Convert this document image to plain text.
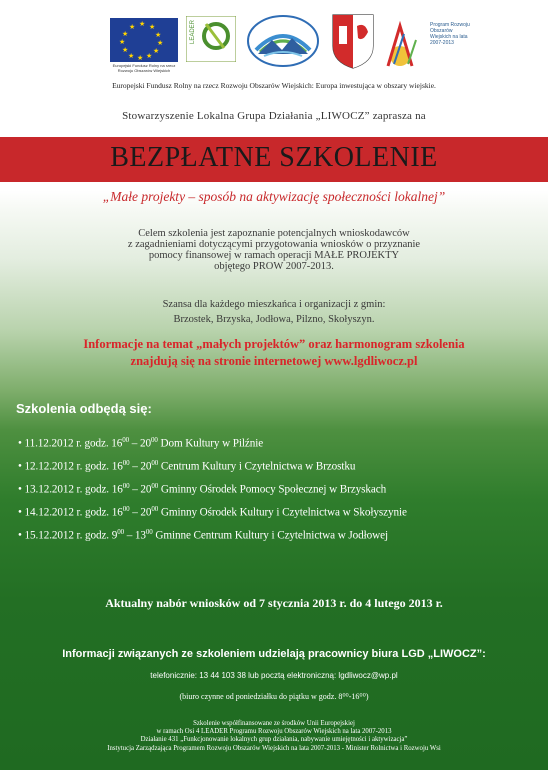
★ ★
★
★
★
★
★
★
★
★
★
★
Europejski Fundusz Rolny na rzecz Rozwoju Obszarów Wiejskich
LEADER	Program Rozwoju Obszarów Wiejskich na lata 2007-2013
Europejski Fundusz Rolny na rzecz Rozwoju Obszarów Wiejskich: Europa inwestująca w obszary wiejskie.
Stowarzyszenie Lokalna Grupa Działania „LIWOCZ” zaprasza na
BEZPŁATNE SZKOLENIE
„Małe projekty – sposób na aktywizację społeczności lokalnej”
Celem szkolenia jest zapoznanie potencjalnych wnioskodawców
z zagadnieniami dotyczącymi przygotowania wniosków o przyznanie
pomocy finansowej w ramach operacji MAŁE PROJEKTY
objętego PROW 2007-2013.
Szansa dla każdego mieszkańca i organizacji z gmin:
Brzostek, Brzyska, Jodłowa, Pilzno, Skołyszyn.
Informacje na temat „małych projektów” oraz harmonogram szkolenia
znajdują się na stronie internetowej www.lgdliwocz.pl
Szkolenia odbędą się:
• 11.12.2012 r. godz. $16^{00} - 20^{00}$ Dom Kultury w Pilźnie
• 12.12.2012 r. godz. $16^{00} - 20^{00}$ Centrum Kultury i Czytelnictwa w Brzostku
• 13.12.2012 r. godz. $16^{00} - 20^{00}$ Gminny Ośrodek Pomocy Społecznej w Brzyskach
• 14.12.2012 r. godz. $16^{00} - 20^{00}$ Gminny Ośrodek Kultury i Czytelnictwa w Skołyszynie
• 15.12.2012 r. godz. $9^{00} - 13^{00}$ Gminne Centrum Kultury i Czytelnictwa w Jodłowej
Aktualny nabór wniosków od 7 stycznia 2013 r. do 4 lutego 2013 r.
Informacji związanych ze szkoleniem udzielają pracownicy biura LGD „LIWOCZ”:
telefonicznie: 13 44 103 38 lub pocztą elektroniczną: lgdliwocz@wp.pl
(biuro czynne od poniedziałku do piątku w godz. 8⁰⁰-16⁰⁰)
Szkolenie współfinansowane ze środków Unii Europejskiej
w ramach Osi 4 LEADER Programu Rozwoju Obszarów Wiejskich na lata 2007-2013
Działanie 431 „Funkcjonowanie lokalnych grup działania, nabywanie umiejętności i aktywizacja”
Instytucja Zarządzająca Programem Rozwoju Obszarów Wiejskich na lata 2007-2013 - Minister Rolnictwa i Rozwoju Wsi
